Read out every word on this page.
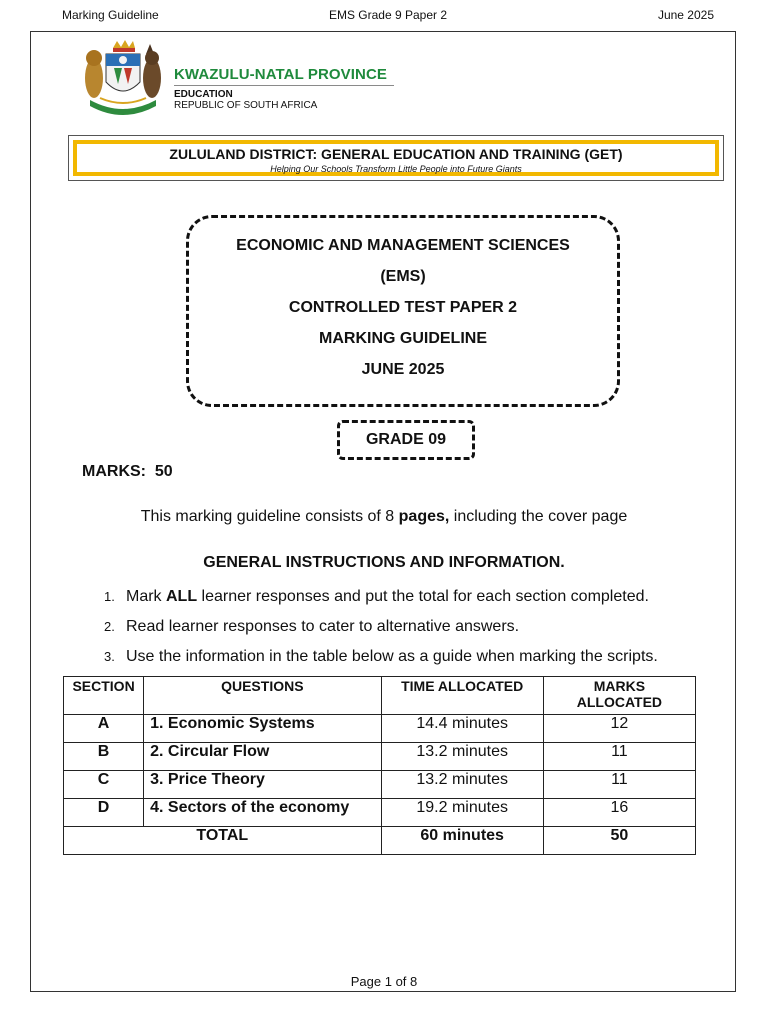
Marking Guideline	EMS Grade 9 Paper 2	June 2025
KWAZULU-NATAL PROVINCE
EDUCATION
REPUBLIC OF SOUTH AFRICA
ZULULAND DISTRICT: GENERAL EDUCATION AND TRAINING (GET)
Helping Our Schools Transform Little People into Future Giants
ECONOMIC AND MANAGEMENT SCIENCES
(EMS)
CONTROLLED TEST PAPER 2
MARKING GUIDELINE
JUNE 2025
GRADE 09
MARKS: 50
This marking guideline consists of 8 pages, including the cover page
GENERAL INSTRUCTIONS AND INFORMATION.
1. Mark ALL learner responses and put the total for each section completed.
2. Read learner responses to cater to alternative answers.
3. Use the information in the table below as a guide when marking the scripts.
SECTION	QUESTIONS	TIME ALLOCATED	MARKS
ALLOCATED
A	1. Economic Systems	14.4 minutes	12
B	2. Circular Flow	13.2 minutes	11
C	3. Price Theory	13.2 minutes	11
D	4. Sectors of the economy	19.2 minutes	16
TOTAL		60 minutes	50
Page 1 of 8
